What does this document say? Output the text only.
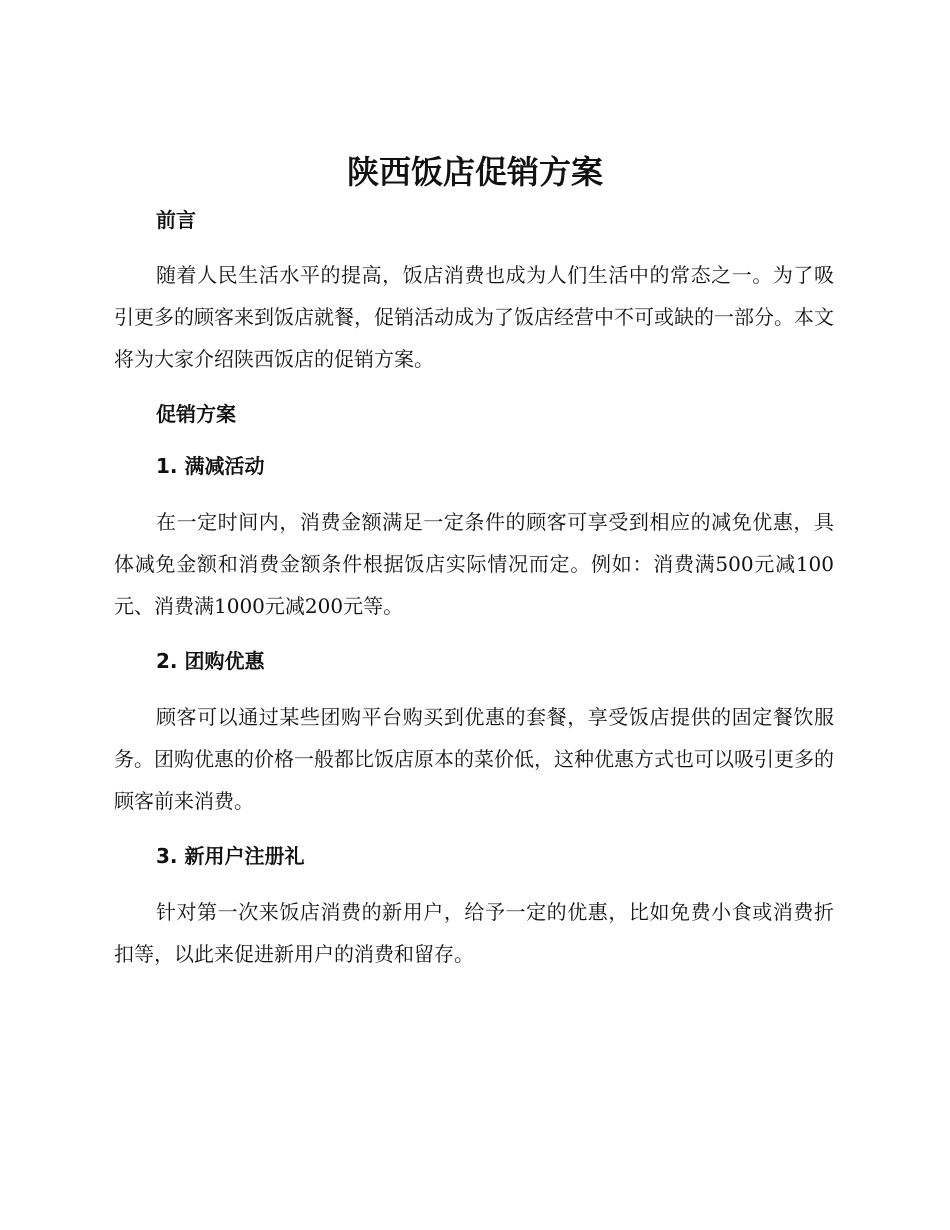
陕西饭店促销方案
前言

随着人民生活水平的提高，饭店消费也成为人们生活中的常态之一。为了吸引更多的顾客来到饭店就餐，促销活动成为了饭店经营中不可或缺的一部分。本文将为大家介绍陕西饭店的促销方案。

促销方案
1. 满减活动

在一定时间内，消费金额满足一定条件的顾客可享受到相应的减免优惠，具体减免金额和消费金额条件根据饭店实际情况而定。例如：消费满500元减100元、消费满1000元减200元等。

2. 团购优惠

顾客可以通过某些团购平台购买到优惠的套餐，享受饭店提供的固定餐饮服务。团购优惠的价格一般都比饭店原本的菜价低，这种优惠方式也可以吸引更多的顾客前来消费。

3. 新用户注册礼

针对第一次来饭店消费的新用户，给予一定的优惠，比如免费小食或消费折扣等，以此来促进新用户的消费和留存。
